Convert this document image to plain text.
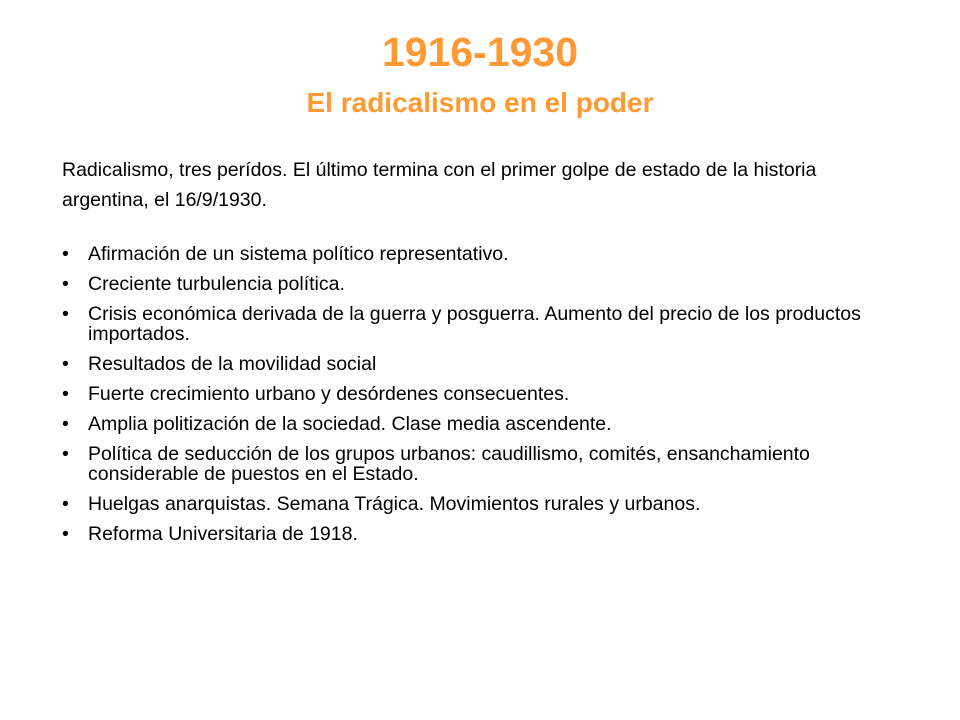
1916-1930
El radicalismo en el poder

Radicalismo, tres perídos. El último termina con el primer golpe de estado de la historia argentina, el 16/9/1930.

• Afirmación de un sistema político representativo.
• Creciente turbulencia política.
• Crisis económica derivada de la guerra y posguerra. Aumento del precio de los productos importados.
• Resultados de la movilidad social
• Fuerte crecimiento urbano y desórdenes consecuentes.
• Amplia politización de la sociedad. Clase media ascendente.
• Política de seducción de los grupos urbanos: caudillismo, comités, ensanchamiento considerable de puestos en el Estado.
• Huelgas anarquistas. Semana Trágica. Movimientos rurales y urbanos.
• Reforma Universitaria de 1918.
